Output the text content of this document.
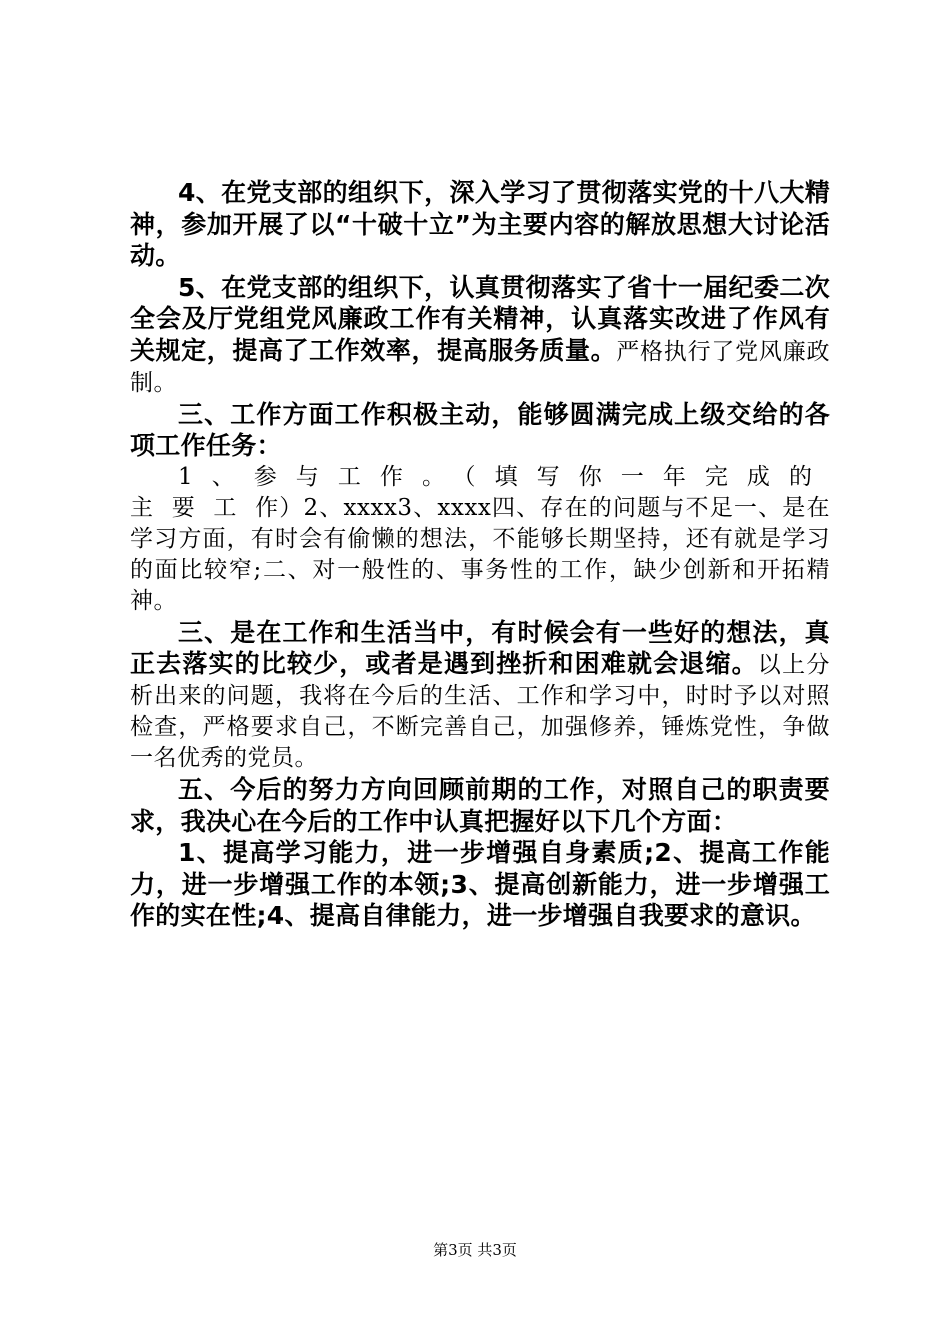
4、在党支部的组织下，深入学习了贯彻落实党的十八大精神，参加开展了以“十破十立”为主要内容的解放思想大讨论活动。

5、在党支部的组织下，认真贯彻落实了省十一届纪委二次全会及厅党组党风廉政工作有关精神，认真落实改进了作风有关规定，提高了工作效率，提高服务质量。严格执行了党风廉政制。

三、工作方面工作积极主动，能够圆满完成上级交给的各项工作任务：

1、参与工作。（填写你一年完成的主要工作）2、xxxx3、xxxx四、存在的问题与不足一、是在学习方面，有时会有偷懒的想法，不能够长期坚持，还有就是学习的面比较窄;二、对一般性的、事务性的工作，缺少创新和开拓精神。

三、是在工作和生活当中，有时候会有一些好的想法，真正去落实的比较少，或者是遇到挫折和困难就会退缩。以上分析出来的问题，我将在今后的生活、工作和学习中，时时予以对照检查，严格要求自己，不断完善自己，加强修养，锤炼党性，争做一名优秀的党员。

五、今后的努力方向回顾前期的工作，对照自己的职责要求，我决心在今后的工作中认真把握好以下几个方面：

1、提高学习能力，进一步增强自身素质;2、提高工作能力，进一步增强工作的本领;3、提高创新能力，进一步增强工作的实在性;4、提高自律能力，进一步增强自我要求的意识。

第3页 共3页
